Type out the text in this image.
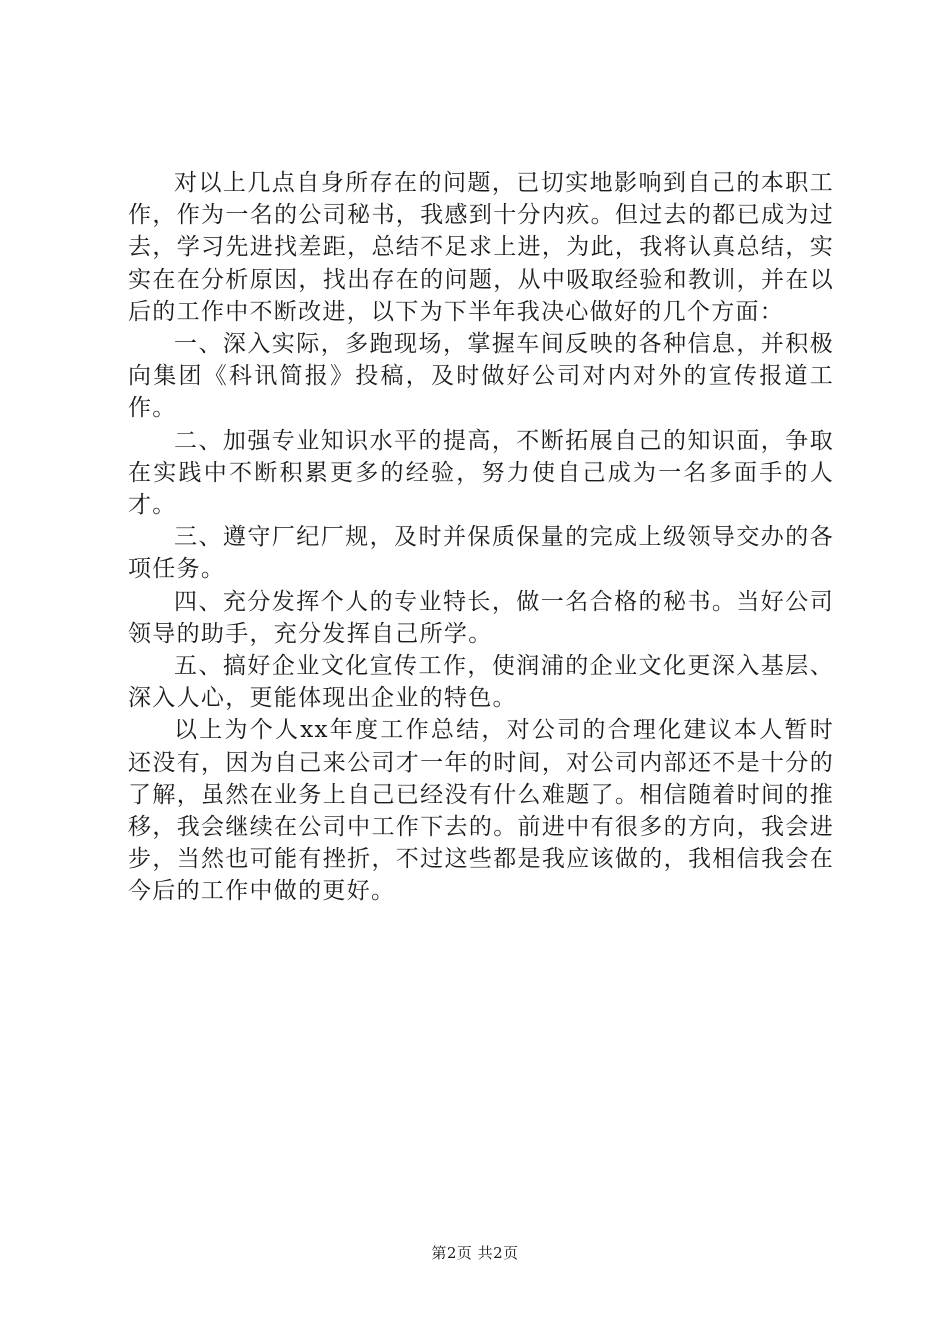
对以上几点自身所存在的问题，已切实地影响到自己的本职工作，作为一名的公司秘书，我感到十分内疚。但过去的都已成为过去，学习先进找差距，总结不足求上进，为此，我将认真总结，实实在在分析原因，找出存在的问题，从中吸取经验和教训，并在以后的工作中不断改进，以下为下半年我决心做好的几个方面：

一、深入实际，多跑现场，掌握车间反映的各种信息，并积极向集团《科讯简报》投稿，及时做好公司对内对外的宣传报道工作。

二、加强专业知识水平的提高，不断拓展自己的知识面，争取在实践中不断积累更多的经验，努力使自己成为一名多面手的人才。

三、遵守厂纪厂规，及时并保质保量的完成上级领导交办的各项任务。

四、充分发挥个人的专业特长，做一名合格的秘书。当好公司领导的助手，充分发挥自己所学。

五、搞好企业文化宣传工作，使润浦的企业文化更深入基层、深入人心，更能体现出企业的特色。

以上为个人xx年度工作总结，对公司的合理化建议本人暂时还没有，因为自己来公司才一年的时间，对公司内部还不是十分的了解，虽然在业务上自己已经没有什么难题了。相信随着时间的推移，我会继续在公司中工作下去的。前进中有很多的方向，我会进步，当然也可能有挫折，不过这些都是我应该做的，我相信我会在今后的工作中做的更好。

第2页 共2页
